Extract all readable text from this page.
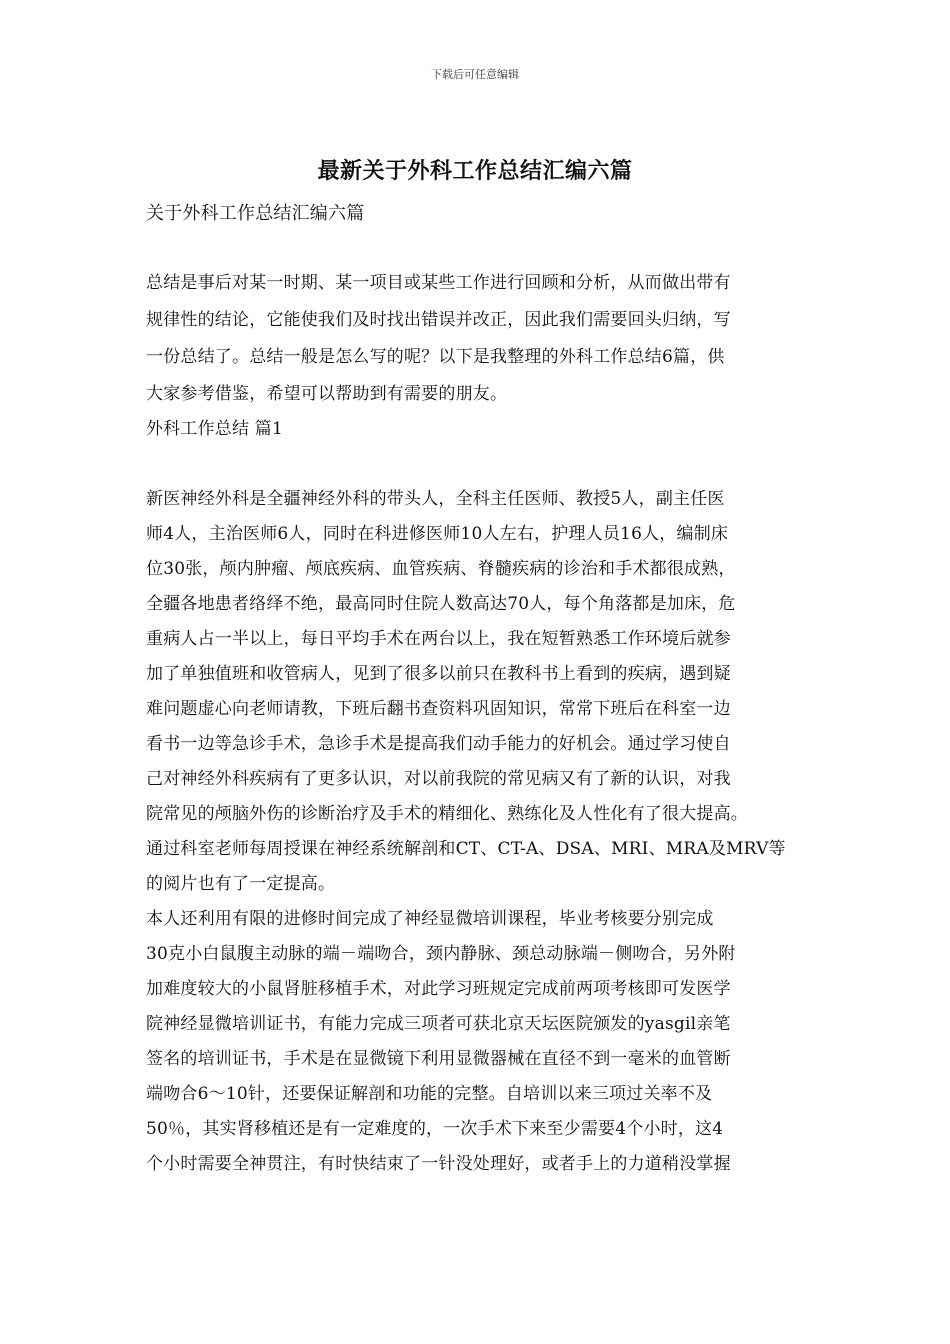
下载后可任意编辑
最新关于外科工作总结汇编六篇
关于外科工作总结汇编六篇
总结是事后对某一时期、某一项目或某些工作进行回顾和分析，从而做出带有
规律性的结论，它能使我们及时找出错误并改正，因此我们需要回头归纳，写
一份总结了。总结一般是怎么写的呢？以下是我整理的外科工作总结6篇，供
大家参考借鉴，希望可以帮助到有需要的朋友。
外科工作总结 篇1
新医神经外科是全疆神经外科的带头人，全科主任医师、教授5人，副主任医
师4人，主治医师6人，同时在科进修医师10人左右，护理人员16人，编制床
位30张，颅内肿瘤、颅底疾病、血管疾病、脊髓疾病的诊治和手术都很成熟，
全疆各地患者络绎不绝，最高同时住院人数高达70人，每个角落都是加床，危
重病人占一半以上，每日平均手术在两台以上，我在短暂熟悉工作环境后就参
加了单独值班和收管病人，见到了很多以前只在教科书上看到的疾病，遇到疑
难问题虚心向老师请教，下班后翻书查资料巩固知识，常常下班后在科室一边
看书一边等急诊手术，急诊手术是提高我们动手能力的好机会。通过学习使自
己对神经外科疾病有了更多认识，对以前我院的常见病又有了新的认识，对我
院常见的颅脑外伤的诊断治疗及手术的精细化、熟练化及人性化有了很大提高。
通过科室老师每周授课在神经系统解剖和CT、CT-A、DSA、MRI、MRA及MRV等
的阅片也有了一定提高。
本人还利用有限的进修时间完成了神经显微培训课程，毕业考核要分别完成
30克小白鼠腹主动脉的端－端吻合，颈内静脉、颈总动脉端－侧吻合，另外附
加难度较大的小鼠肾脏移植手术，对此学习班规定完成前两项考核即可发医学
院神经显微培训证书，有能力完成三项者可获北京天坛医院颁发的yasgil亲笔
签名的培训证书，手术是在显微镜下利用显微器械在直径不到一毫米的血管断
端吻合6～10针，还要保证解剖和功能的完整。自培训以来三项过关率不及
50％，其实肾移植还是有一定难度的，一次手术下来至少需要4个小时，这4
个小时需要全神贯注，有时快结束了一针没处理好，或者手上的力道稍没掌握
